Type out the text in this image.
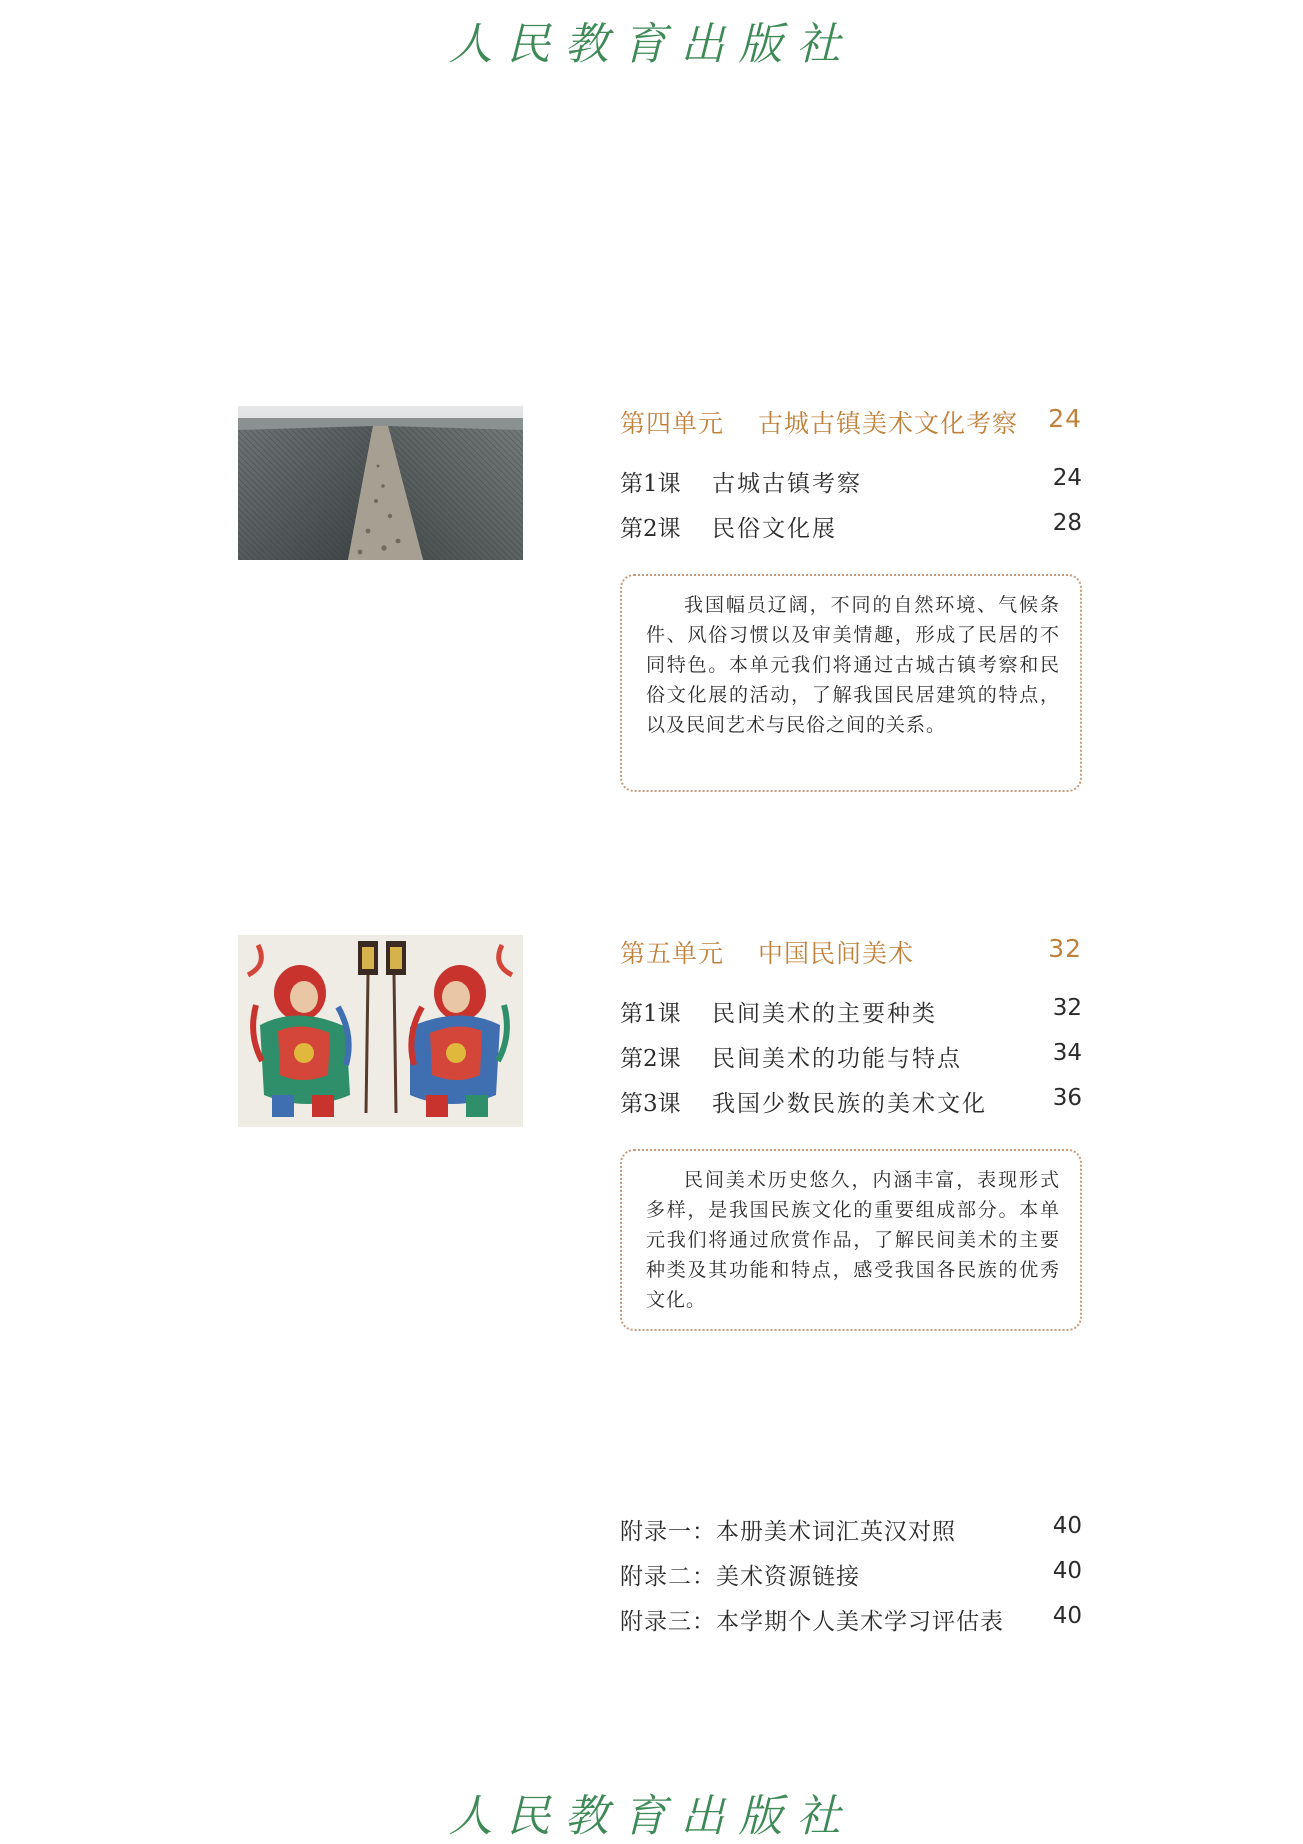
人民教育出版社
第四单元 古城古镇美术文化考察 24
第1课 古城古镇考察	24
第2课 民俗文化展	28
我国幅员辽阔，不同的自然环境、气候条件、风俗习惯以及审美情趣，形成了民居的不同特色。本单元我们将通过古城古镇考察和民俗文化展的活动，了解我国民居建筑的特点，以及民间艺术与民俗之间的关系。
第五单元 中国民间美术	32
第1课 民间美术的主要种类	32
第2课 民间美术的功能与特点	34
第3课 我国少数民族的美术文化	36
民间美术历史悠久，内涵丰富，表现形式多样，是我国民族文化的重要组成部分。本单元我们将通过欣赏作品，了解民间美术的主要种类及其功能和特点，感受我国各民族的优秀文化。
附录一：本册美术词汇英汉对照	40
附录二：美术资源链接	40
附录三：本学期个人美术学习评估表 40
人民教育出版社
